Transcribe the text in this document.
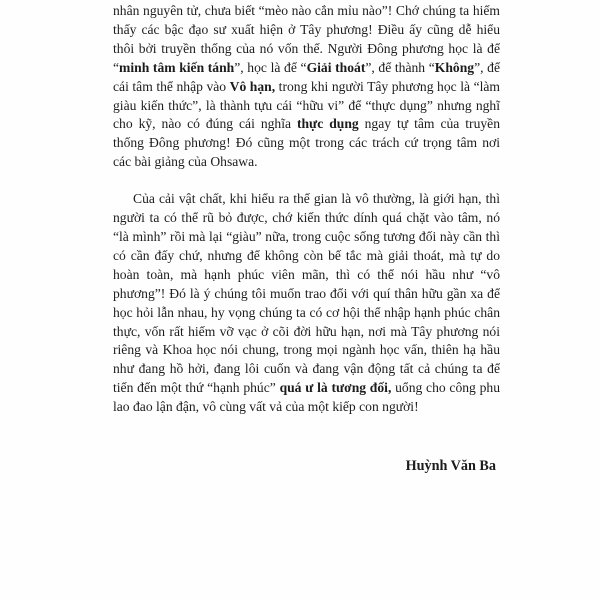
nhân nguyên tử, chưa biết “mèo nào cắn mỉu nào”! Chớ chúng ta hiếm thấy các bậc đạo sư xuất hiện ở Tây phương! Điều ấy cũng dễ hiểu thôi bởi truyền thống của nó vốn thế. Người Đông phương học là để “minh tâm kiến tánh”, học là để “Giải thoát”, để thành “Không”, để cái tâm thể nhập vào Vô hạn, trong khi người Tây phương học là “làm giàu kiến thức”, là thành tựu cái “hữu vi” để “thực dụng” nhưng nghĩ cho kỹ, nào có đúng cái nghĩa thực dụng ngay tự tâm của truyền thống Đông phương! Đó cũng một trong các trách cứ trọng tâm nơi các bài giảng của Ohsawa.

Của cải vật chất, khi hiểu ra thế gian là vô thường, là giới hạn, thì người ta có thể rũ bỏ được, chớ kiến thức dính quá chặt vào tâm, nó “là mình” rồi mà lại “giàu” nữa, trong cuộc sống tương đối này cần thì có cần đấy chứ, nhưng để không còn bế tắc mà giải thoát, mà tự do hoàn toàn, mà hạnh phúc viên mãn, thì có thể nói hầu như “vô phương”! Đó là ý chúng tôi muốn trao đổi với quí thân hữu gần xa để học hỏi lẫn nhau, hy vọng chúng ta có cơ hội thể nhập hạnh phúc chân thực, vốn rất hiếm vỡ vạc ở cõi đời hữu hạn, nơi mà Tây phương nói riêng và Khoa học nói chung, trong mọi ngành học vấn, thiên hạ hầu như đang hồ hởi, đang lôi cuốn và đang vận động tất cả chúng ta để tiến đến một thứ “hạnh phúc” quá ư là tương đối, uổng cho công phu lao đao lận đận, vô cùng vất vả của một kiếp con người!

Huỳnh Văn Ba
